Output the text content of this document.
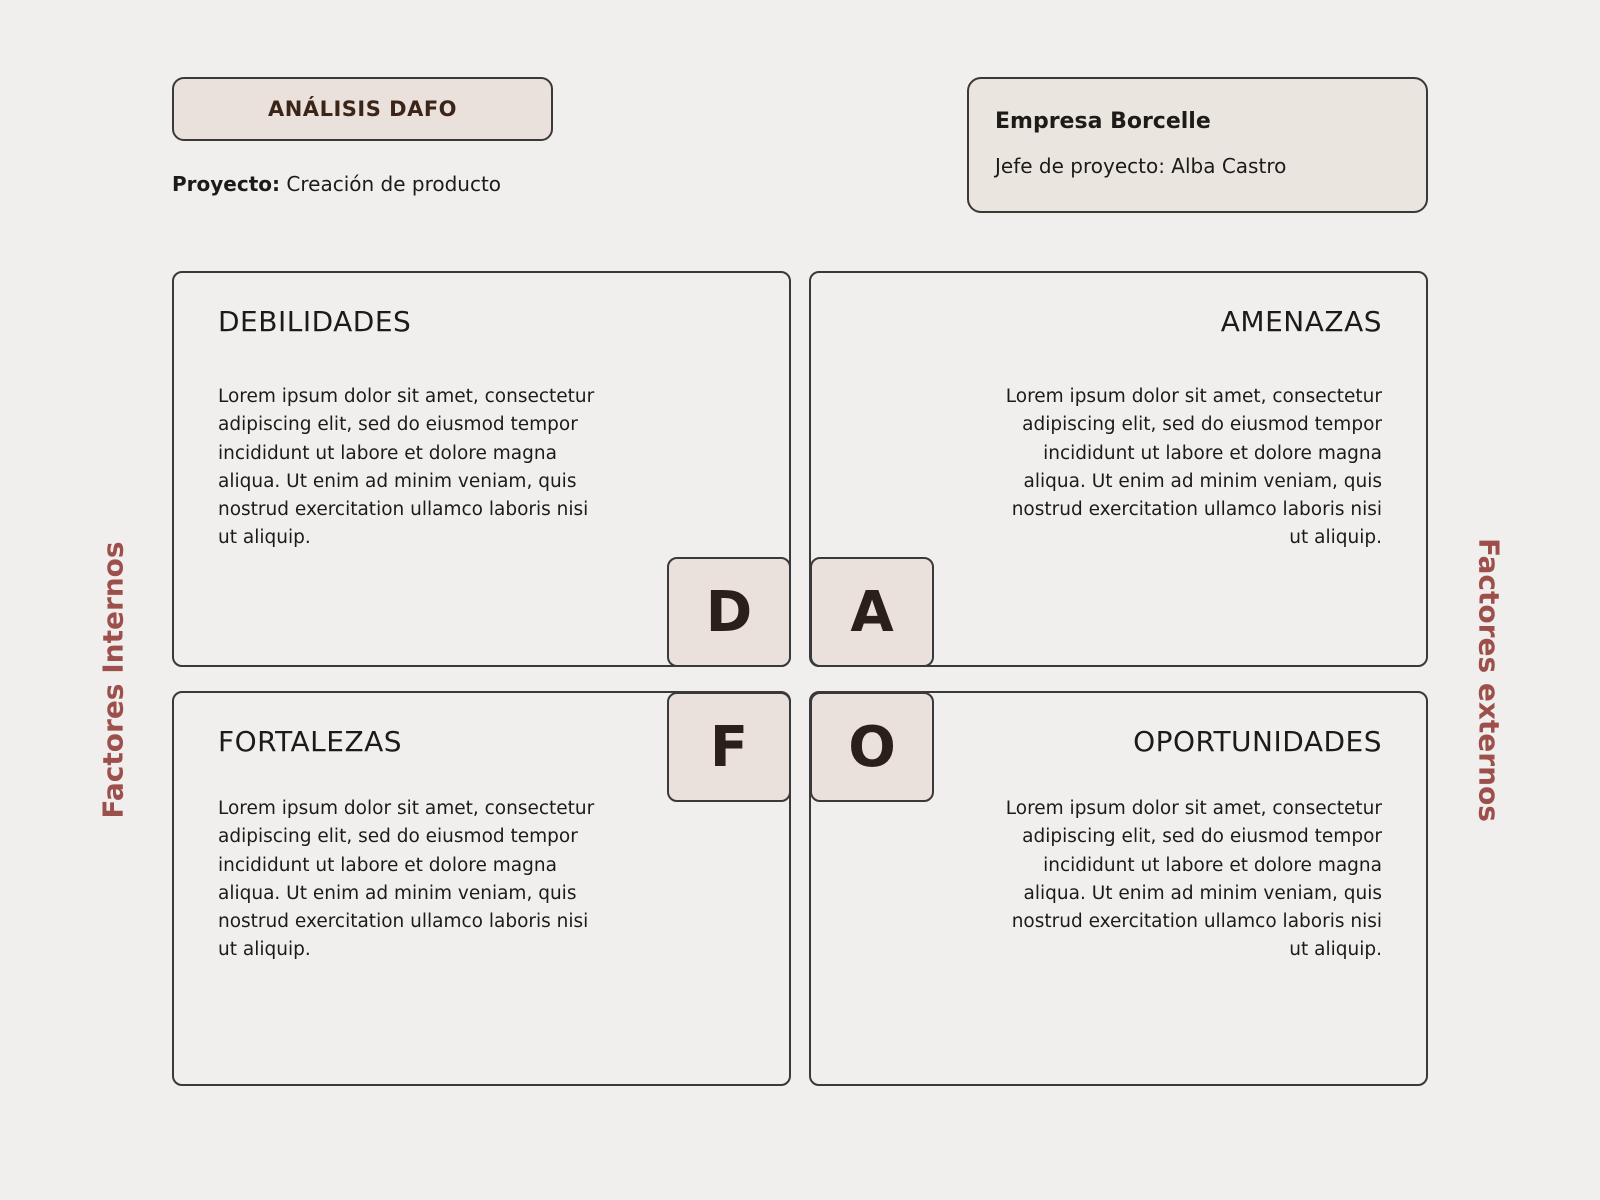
ANÁLISIS DAFO
Proyecto: Creación de producto
Empresa Borcelle
Jefe de proyecto: Alba Castro
Factores Internos	Factores externos
DEBILIDADES

Lorem ipsum dolor sit amet, consectetur adipiscing elit, sed do eiusmod tempor incididunt ut labore et dolore magna aliqua. Ut enim ad minim veniam, quis nostrud exercitation ullamco laboris nisi ut aliquip.

AMENAZAS

Lorem ipsum dolor sit amet, consectetur adipiscing elit, sed do eiusmod tempor incididunt ut labore et dolore magna aliqua. Ut enim ad minim veniam, quis nostrud exercitation ullamco laboris nisi ut aliquip.

FORTALEZAS

Lorem ipsum dolor sit amet, consectetur adipiscing elit, sed do eiusmod tempor incididunt ut labore et dolore magna aliqua. Ut enim ad minim veniam, quis nostrud exercitation ullamco laboris nisi ut aliquip.

OPORTUNIDADES

Lorem ipsum dolor sit amet, consectetur adipiscing elit, sed do eiusmod tempor incididunt ut labore et dolore magna aliqua. Ut enim ad minim veniam, quis nostrud exercitation ullamco laboris nisi ut aliquip.

D	A
F	O
